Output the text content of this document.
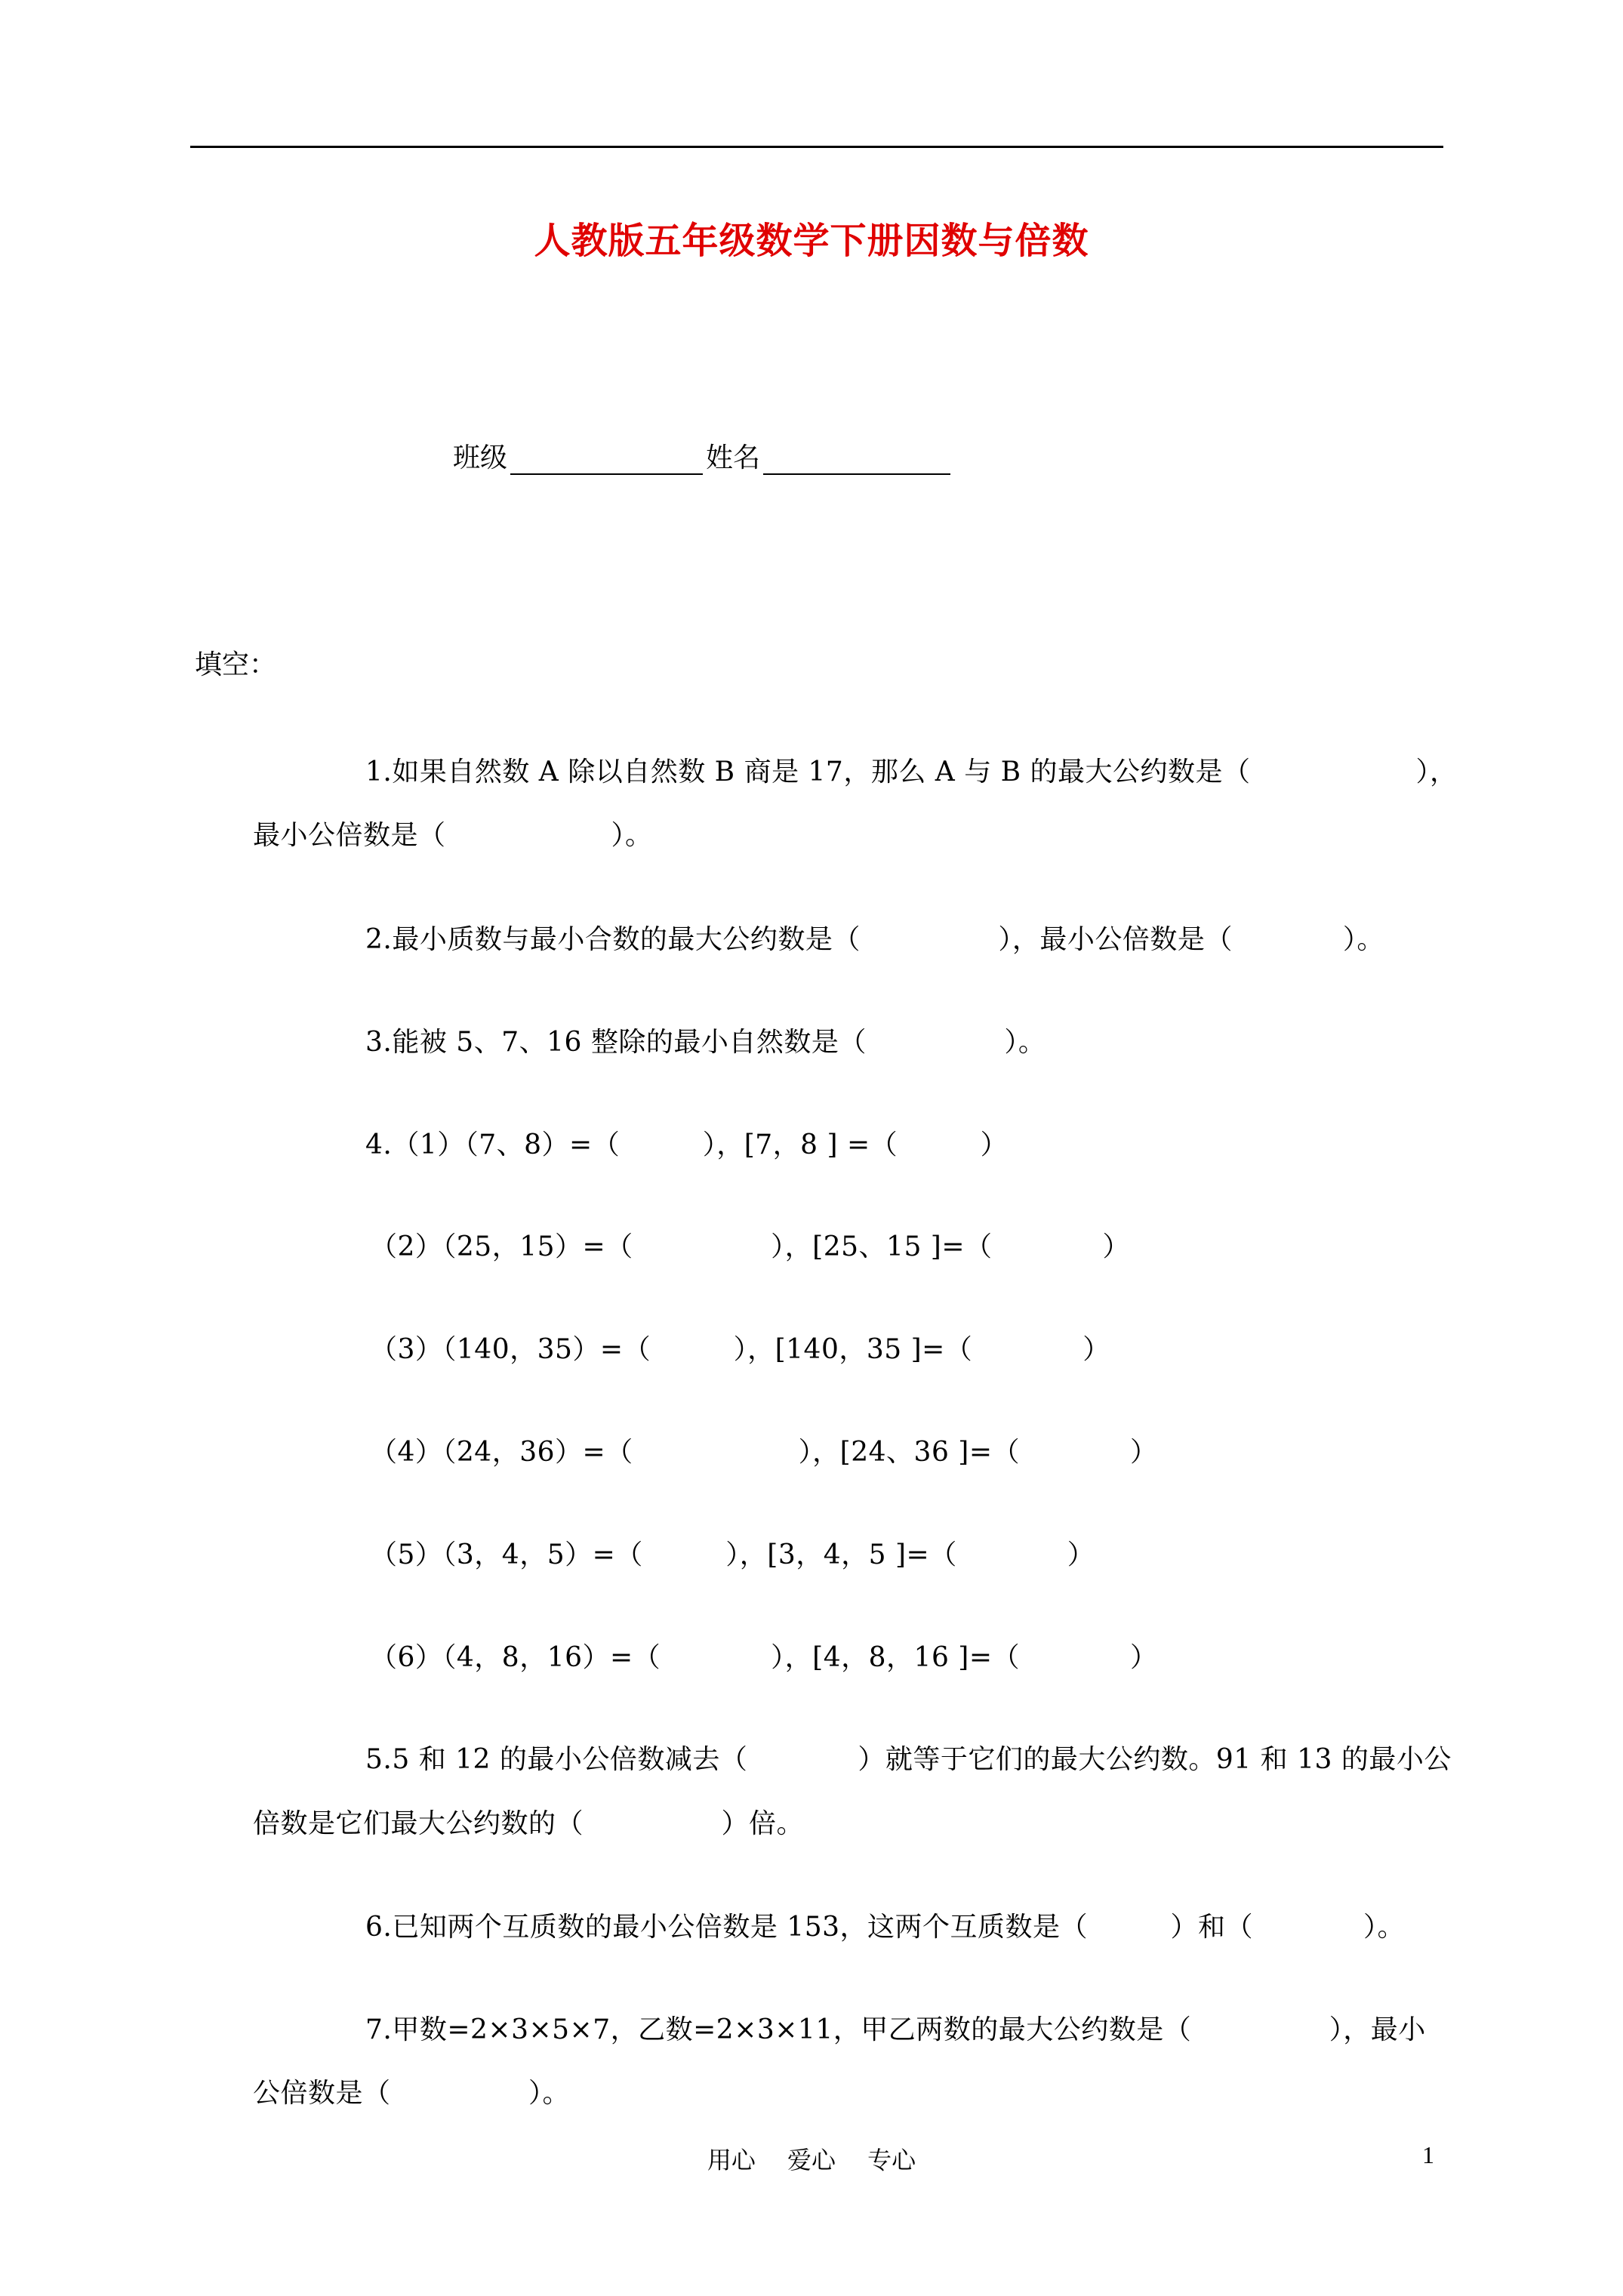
人教版五年级数学下册因数与倍数
班级	姓名
填空：
1.如果自然数 A 除以自然数 B 商是 17，那么 A 与 B 的最大公约数是（　　　　　　），
最小公倍数是（　　　　　　）。
2.最小质数与最小合数的最大公约数是（　　　　　），最小公倍数是（　　　　）。
3.能被 5、7、16 整除的最小自然数是（　　　　　）。
4.（1）（7、8）=（　　　），[7，8 ] =（　　　）
（2）（25，15）=（　　　　　），[25、15 ]=（　　　　）
（3）（140，35）=（　　　），[140，35 ]=（　　　　）
（4）（24，36）=（　　　　　　），[24、36 ]=（　　　　）
（5）（3，4，5）=（　　　），[3，4，5 ]=（　　　　）
（6）（4，8，16）=（　　　　），[4，8，16 ]=（　　　　）
5.5 和 12 的最小公倍数减去（　　　　）就等于它们的最大公约数。91 和 13 的最小公
倍数是它们最大公约数的（　　　　　）倍。
6.已知两个互质数的最小公倍数是 153，这两个互质数是（　　　）和（　　　　）。
7.甲数=2×3×5×7，乙数=2×3×11，甲乙两数的最大公约数是（　　　　　），最小
公倍数是（　　　　　）。
用心　 爱心 　专心	1
